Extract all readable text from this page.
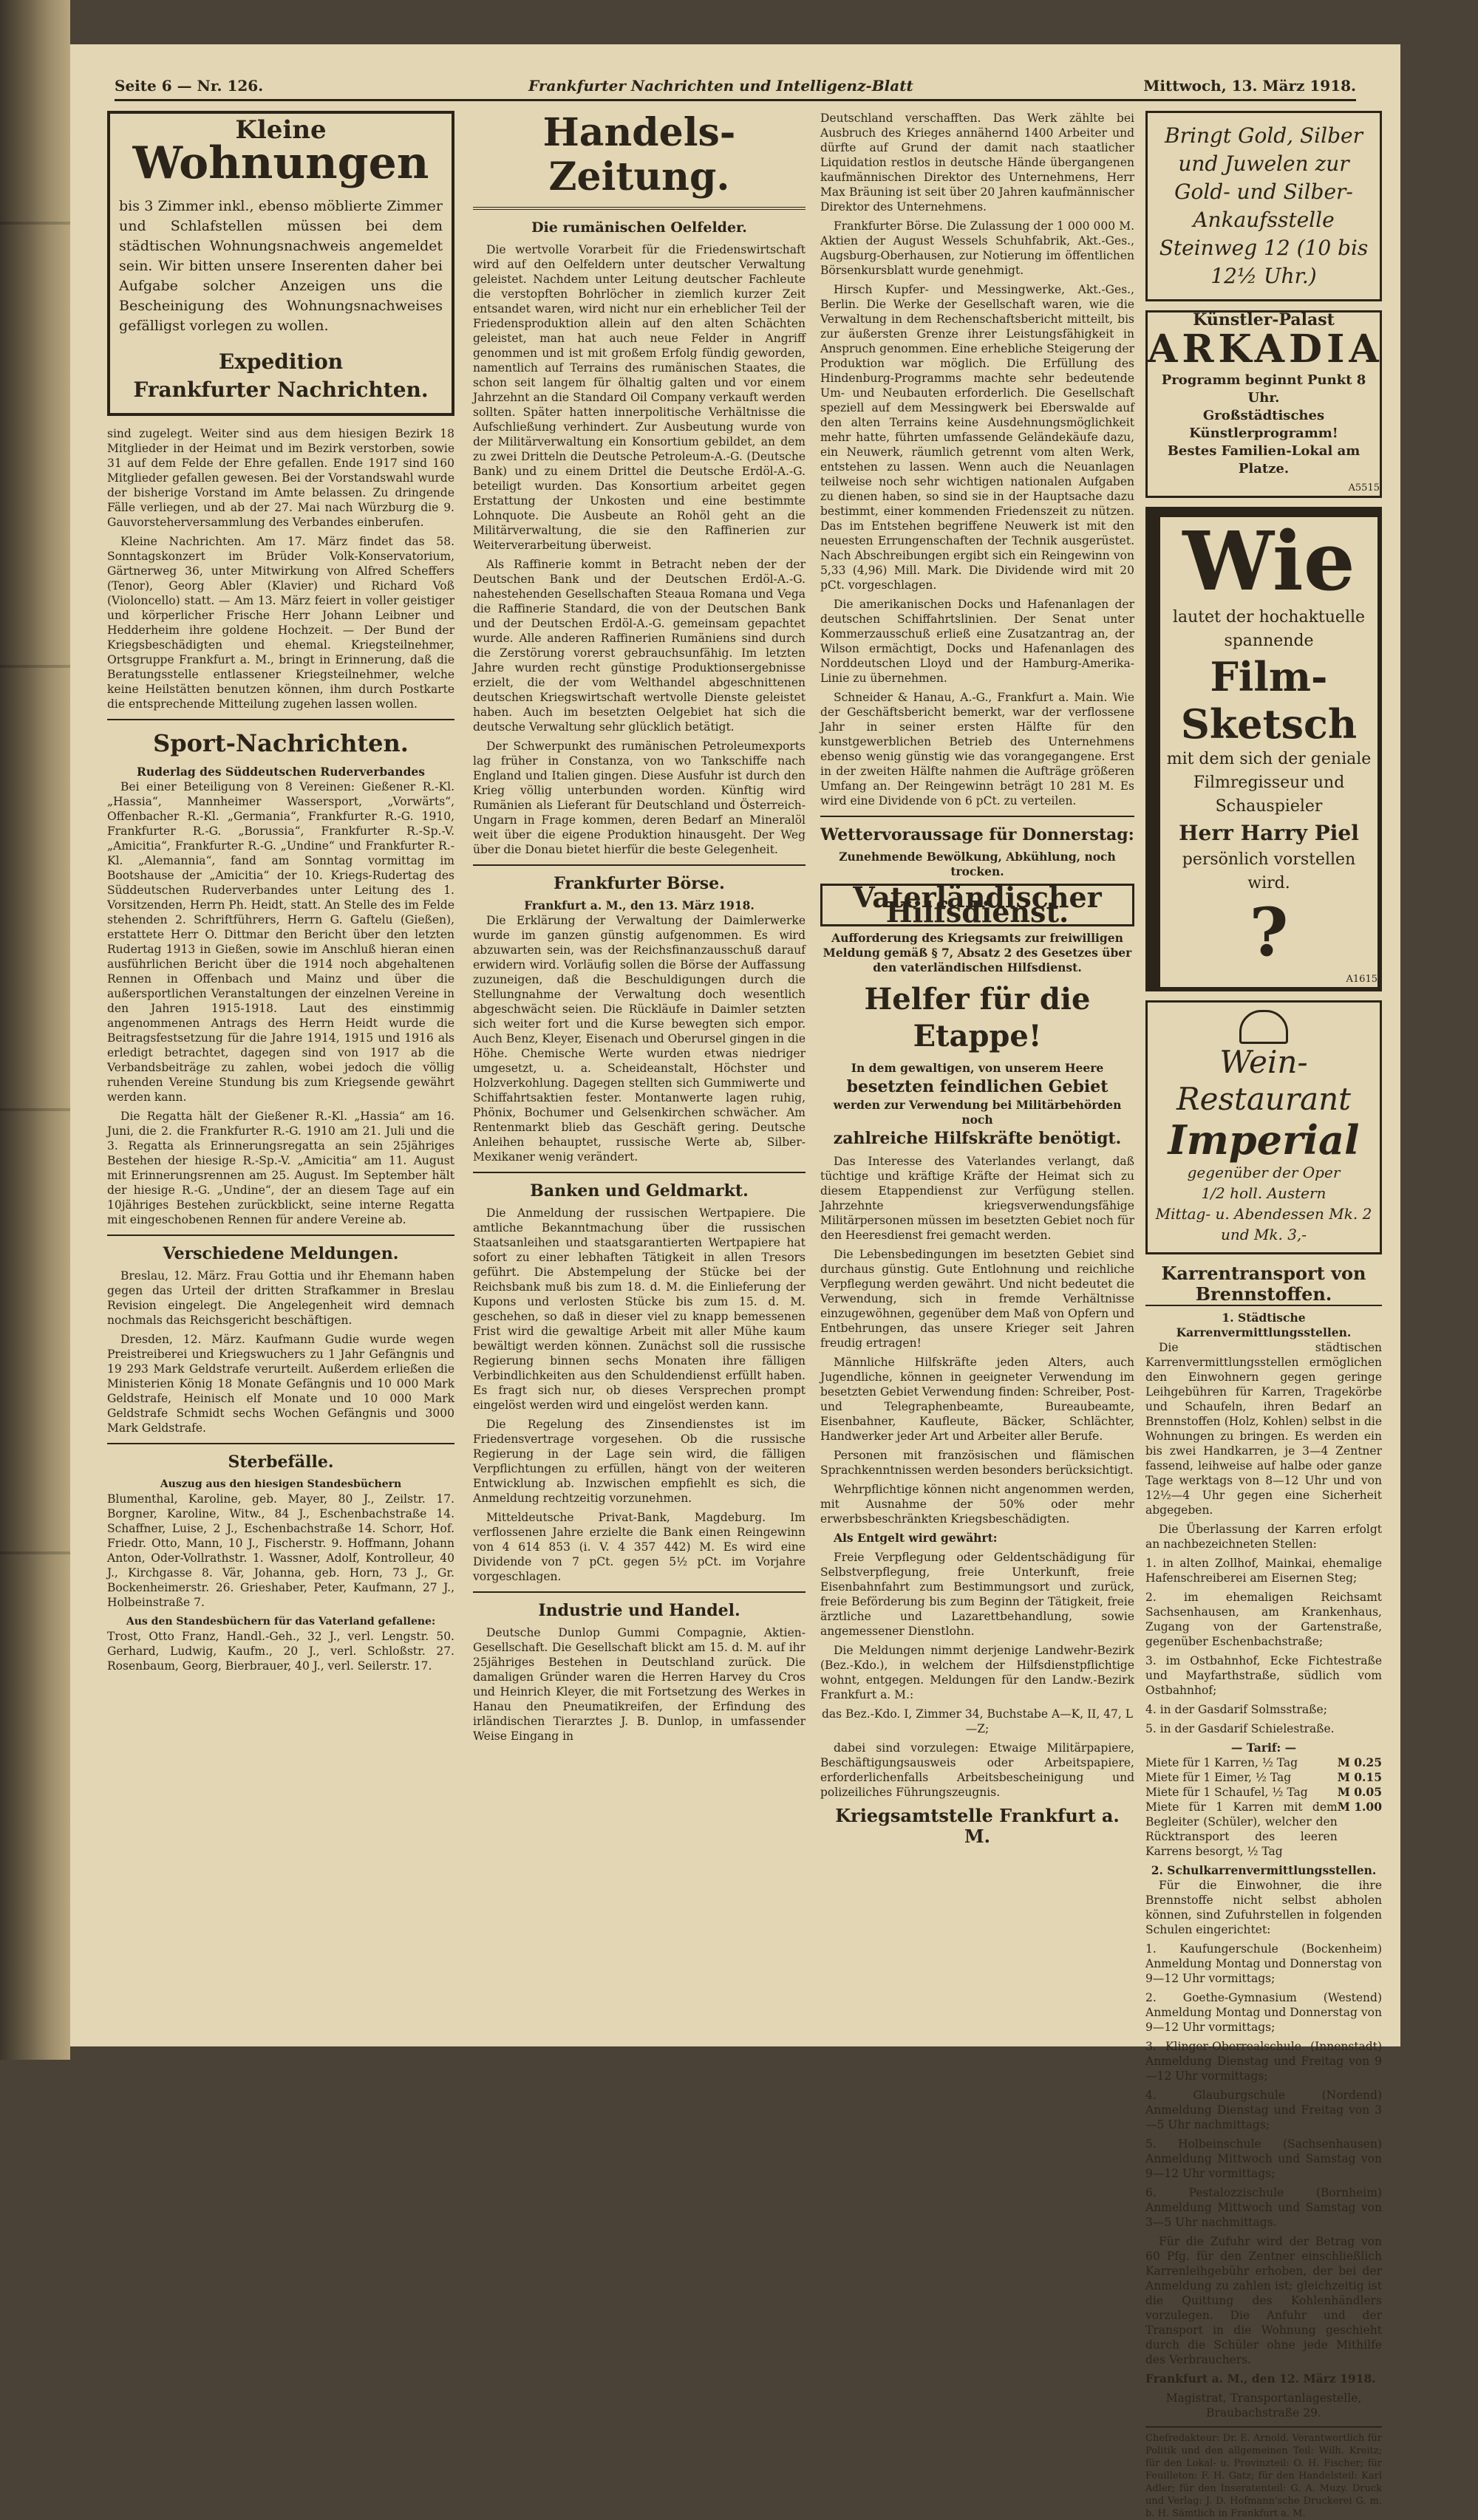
Seite 6 — Nr. 126.	Frankfurter Nachrichten und Intelligenz-Blatt	Mittwoch, 13. März 1918.
Kleine
Wohnungen
bis 3 Zimmer inkl., ebenso möblierte Zimmer und Schlafstellen müssen bei dem städtischen Wohnungsnachweis angemeldet sein. Wir bitten unsere Inserenten daher bei Aufgabe solcher Anzeigen uns die Bescheinigung des Wohnungsnachweises gefälligst vorlegen zu wollen.
Expedition
Frankfurter Nachrichten.

sind zugelegt. Weiter sind aus dem hiesigen Bezirk 18 Mitglieder in der Heimat und im Bezirk verstorben, sowie 31 auf dem Felde der Ehre gefallen. Ende 1917 sind 160 Mitglieder gefallen gewesen. Bei der Vorstandswahl wurde der bisherige Vorstand im Amte belassen. Zu dringende Fälle verliegen, und ab der 27. Mai nach Würzburg die 9. Gauvorsteherversammlung des Verbandes einberufen.

Kleine Nachrichten. Am 17. März findet das 58. Sonntagskonzert im Brüder Volk-Konservatorium, Gärtnerweg 36, unter Mitwirkung von Alfred Scheffers (Tenor), Georg Abler (Klavier) und Richard Voß (Violoncello) statt. — Am 13. März feiert in voller geistiger und körperlicher Frische Herr Johann Leibner und Hedderheim ihre goldene Hochzeit. — Der Bund der Kriegsbeschädigten und ehemal. Kriegsteilnehmer, Ortsgruppe Frankfurt a. M., bringt in Erinnerung, daß die Beratungsstelle entlassener Kriegsteilnehmer, welche keine Heilstätten benutzen können, ihm durch Postkarte die entsprechende Mitteilung zugehen lassen wollen.

Sport-Nachrichten.
Ruderlag des Süddeutschen Ruderverbandes

Bei einer Beteiligung von 8 Vereinen: Gießener R.-Kl. „Hassia“, Mannheimer Wassersport, „Vorwärts“, Offenbacher R.-Kl. „Germania“, Frankfurter R.-G. 1910, Frankfurter R.-G. „Borussia“, Frankfurter R.-Sp.-V. „Amicitia“, Frankfurter R.-G. „Undine“ und Frankfurter R.-Kl. „Alemannia“, fand am Sonntag vormittag im Bootshause der „Amicitia“ der 10. Kriegs-Rudertag des Süddeutschen Ruderverbandes unter Leitung des 1. Vorsitzenden, Herrn Ph. Heidt, statt. An Stelle des im Felde stehenden 2. Schriftführers, Herrn G. Gaftelu (Gießen), erstattete Herr O. Dittmar den Bericht über den letzten Rudertag 1913 in Gießen, sowie im Anschluß hieran einen ausführlichen Bericht über die 1914 noch abgehaltenen Rennen in Offenbach und Mainz und über die außersportlichen Veranstaltungen der einzelnen Vereine in den Jahren 1915-1918. Laut des einstimmig angenommenen Antrags des Herrn Heidt wurde die Beitragsfestsetzung für die Jahre 1914, 1915 und 1916 als erledigt betrachtet, dagegen sind von 1917 ab die Verbandsbeiträge zu zahlen, wobei jedoch die völlig ruhenden Vereine Stundung bis zum Kriegsende gewährt werden kann.

Die Regatta hält der Gießener R.-Kl. „Hassia“ am 16. Juni, die 2. die Frankfurter R.-G. 1910 am 21. Juli und die 3. Regatta als Erinnerungsregatta an sein 25jähriges Bestehen der hiesige R.-Sp.-V. „Amicitia“ am 11. August mit Erinnerungsrennen am 25. August. Im September hält der hiesige R.-G. „Undine“, der an diesem Tage auf ein 10jähriges Bestehen zurückblickt, seine interne Regatta mit eingeschobenen Rennen für andere Vereine ab.

Verschiedene Meldungen.

Breslau, 12. März. Frau Gottia und ihr Ehemann haben gegen das Urteil der dritten Strafkammer in Breslau Revision eingelegt. Die Angelegenheit wird demnach nochmals das Reichsgericht beschäftigen.

Dresden, 12. März. Kaufmann Gudie wurde wegen Preistreiberei und Kriegswuchers zu 1 Jahr Gefängnis und 19 293 Mark Geldstrafe verurteilt. Außerdem erließen die Ministerien König 18 Monate Gefängnis und 10 000 Mark Geldstrafe, Heinisch elf Monate und 10 000 Mark Geldstrafe Schmidt sechs Wochen Gefängnis und 3000 Mark Geldstrafe.

Sterbefälle.
Auszug aus den hiesigen Standesbüchern

Blumenthal, Karoline, geb. Mayer, 80 J., Zeilstr. 17. Borgner, Karoline, Witw., 84 J., Eschenbachstraße 14. Schaffner, Luise, 2 J., Eschenbachstraße 14. Schorr, Hof. Friedr. Otto, Mann, 10 J., Fischerstr. 9. Hoffmann, Johann Anton, Oder-Vollrathstr. 1. Wassner, Adolf, Kontrolleur, 40 J., Kirchgasse 8. Vär, Johanna, geb. Horn, 73 J., Gr. Bockenheimerstr. 26. Grieshaber, Peter, Kaufmann, 27 J., Holbeinstraße 7.

Aus den Standesbüchern für das Vaterland gefallene:

Trost, Otto Franz, Handl.-Geh., 32 J., verl. Lengstr. 50. Gerhard, Ludwig, Kaufm., 20 J., verl. Schloßstr. 27. Rosenbaum, Georg, Bierbrauer, 40 J., verl. Seilerstr. 17.

Handels-Zeitung.
Die rumänischen Oelfelder.

Die wertvolle Vorarbeit für die Friedenswirtschaft wird auf den Oelfeldern unter deutscher Verwaltung geleistet. Nachdem unter Leitung deutscher Fachleute die verstopften Bohrlöcher in ziemlich kurzer Zeit entsandet waren, wird nicht nur ein erheblicher Teil der Friedensproduktion allein auf den alten Schächten geleistet, man hat auch neue Felder in Angriff genommen und ist mit großem Erfolg fündig geworden, namentlich auf Terrains des rumänischen Staates, die schon seit langem für ölhaltig galten und vor einem Jahrzehnt an die Standard Oil Company verkauft werden sollten. Später hatten innerpolitische Verhältnisse die Aufschließung verhindert. Zur Ausbeutung wurde von der Militärverwaltung ein Konsortium gebildet, an dem zu zwei Dritteln die Deutsche Petroleum-A.-G. (Deutsche Bank) und zu einem Drittel die Deutsche Erdöl-A.-G. beteiligt wurden. Das Konsortium arbeitet gegen Erstattung der Unkosten und eine bestimmte Lohnquote. Die Ausbeute an Rohöl geht an die Militärverwaltung, die sie den Raffinerien zur Weiterverarbeitung überweist.

Als Raffinerie kommt in Betracht neben der der Deutschen Bank und der Deutschen Erdöl-A.-G. nahestehenden Gesellschaften Steaua Romana und Vega die Raffinerie Standard, die von der Deutschen Bank und der Deutschen Erdöl-A.-G. gemeinsam gepachtet wurde. Alle anderen Raffinerien Rumäniens sind durch die Zerstörung vorerst gebrauchsunfähig. Im letzten Jahre wurden recht günstige Produktionsergebnisse erzielt, die der vom Welthandel abgeschnittenen deutschen Kriegswirtschaft wertvolle Dienste geleistet haben. Auch im besetzten Oelgebiet hat sich die deutsche Verwaltung sehr glücklich betätigt.

Der Schwerpunkt des rumänischen Petroleumexports lag früher in Constanza, von wo Tankschiffe nach England und Italien gingen. Diese Ausfuhr ist durch den Krieg völlig unterbunden worden. Künftig wird Rumänien als Lieferant für Deutschland und Österreich-Ungarn in Frage kommen, deren Bedarf an Mineralöl weit über die eigene Produktion hinausgeht. Der Weg über die Donau bietet hierfür die beste Gelegenheit.

Frankfurter Börse.
Frankfurt a. M., den 13. März 1918.

Die Erklärung der Verwaltung der Daimlerwerke wurde im ganzen günstig aufgenommen. Es wird abzuwarten sein, was der Reichsfinanzausschuß darauf erwidern wird. Vorläufig sollen die Börse der Auffassung zuzuneigen, daß die Beschuldigungen durch die Stellungnahme der Verwaltung doch wesentlich abgeschwächt seien. Die Rückläufe in Daimler setzten sich weiter fort und die Kurse bewegten sich empor. Auch Benz, Kleyer, Eisenach und Oberursel gingen in die Höhe. Chemische Werte wurden etwas niedriger umgesetzt, u. a. Scheideanstalt, Höchster und Holzverkohlung. Dagegen stellten sich Gummiwerte und Schiffahrtsaktien fester. Montanwerte lagen ruhig, Phönix, Bochumer und Gelsenkirchen schwächer. Am Rentenmarkt blieb das Geschäft gering. Deutsche Anleihen behauptet, russische Werte ab, Silber-Mexikaner wenig verändert.

Banken und Geldmarkt.

Die Anmeldung der russischen Wertpapiere. Die amtliche Bekanntmachung über die russischen Staatsanleihen und staatsgarantierten Wertpapiere hat sofort zu einer lebhaften Tätigkeit in allen Tresors geführt. Die Abstempelung der Stücke bei der Reichsbank muß bis zum 18. d. M. die Einlieferung der Kupons und verlosten Stücke bis zum 15. d. M. geschehen, so daß in dieser viel zu knapp bemessenen Frist wird die gewaltige Arbeit mit aller Mühe kaum bewältigt werden können. Zunächst soll die russische Regierung binnen sechs Monaten ihre fälligen Verbindlichkeiten aus den Schuldendienst erfüllt haben. Es fragt sich nur, ob dieses Versprechen prompt eingelöst werden wird und eingelöst werden kann.

Die Regelung des Zinsendienstes ist im Friedensvertrage vorgesehen. Ob die russische Regierung in der Lage sein wird, die fälligen Verpflichtungen zu erfüllen, hängt von der weiteren Entwicklung ab. Inzwischen empfiehlt es sich, die Anmeldung rechtzeitig vorzunehmen.

Mitteldeutsche Privat-Bank, Magdeburg. Im verflossenen Jahre erzielte die Bank einen Reingewinn von 4 614 853 (i. V. 4 357 442) M. Es wird eine Dividende von 7 pCt. gegen 5½ pCt. im Vorjahre vorgeschlagen.

Industrie und Handel.

Deutsche Dunlop Gummi Compagnie, Aktien-Gesellschaft. Die Gesellschaft blickt am 15. d. M. auf ihr 25jähriges Bestehen in Deutschland zurück. Die damaligen Gründer waren die Herren Harvey du Cros und Heinrich Kleyer, die mit Fortsetzung des Werkes in Hanau den Pneumatikreifen, der Erfindung des irländischen Tierarztes J. B. Dunlop, in umfassender Weise Eingang in

Deutschland verschafften. Das Werk zählte bei Ausbruch des Krieges annähernd 1400 Arbeiter und dürfte auf Grund der damit nach staatlicher Liquidation restlos in deutsche Hände übergangenen kaufmännischen Direktor des Unternehmens, Herr Max Bräuning ist seit über 20 Jahren kaufmännischer Direktor des Unternehmens.

Frankfurter Börse. Die Zulassung der 1 000 000 M. Aktien der August Wessels Schuhfabrik, Akt.-Ges., Augsburg-Oberhausen, zur Notierung im öffentlichen Börsenkursblatt wurde genehmigt.

Hirsch Kupfer- und Messingwerke, Akt.-Ges., Berlin. Die Werke der Gesellschaft waren, wie die Verwaltung in dem Rechenschaftsbericht mitteilt, bis zur äußersten Grenze ihrer Leistungsfähigkeit in Anspruch genommen. Eine erhebliche Steigerung der Produktion war möglich. Die Erfüllung des Hindenburg-Programms machte sehr bedeutende Um- und Neubauten erforderlich. Die Gesellschaft speziell auf dem Messingwerk bei Eberswalde auf den alten Terrains keine Ausdehnungsmöglichkeit mehr hatte, führten umfassende Geländekäufe dazu, ein Neuwerk, räumlich getrennt vom alten Werk, entstehen zu lassen. Wenn auch die Neuanlagen teilweise noch sehr wichtigen nationalen Aufgaben zu dienen haben, so sind sie in der Hauptsache dazu bestimmt, einer kommenden Friedenszeit zu nützen. Das im Entstehen begriffene Neuwerk ist mit den neuesten Errungenschaften der Technik ausgerüstet. Nach Abschreibungen ergibt sich ein Reingewinn von 5,33 (4,96) Mill. Mark. Die Dividende wird mit 20 pCt. vorgeschlagen.

Die amerikanischen Docks und Hafenanlagen der deutschen Schiffahrtslinien. Der Senat unter Kommerzausschuß erließ eine Zusatzantrag an, der Wilson ermächtigt, Docks und Hafenanlagen des Norddeutschen Lloyd und der Hamburg-Amerika-Linie zu übernehmen.

Schneider & Hanau, A.-G., Frankfurt a. Main. Wie der Geschäftsbericht bemerkt, war der verflossene Jahr in seiner ersten Hälfte für den kunstgewerblichen Betrieb des Unternehmens ebenso wenig günstig wie das vorangegangene. Erst in der zweiten Hälfte nahmen die Aufträge größeren Umfang an. Der Reingewinn beträgt 10 281 M. Es wird eine Dividende von 6 pCt. zu verteilen.

Wettervoraussage für Donnerstag:
Zunehmende Bewölkung, Abkühlung, noch trocken.
Vaterländischer Hilfsdienst.

Aufforderung des Kriegsamts zur freiwilligen Meldung gemäß § 7, Absatz 2 des Gesetzes über den vaterländischen Hilfsdienst.

Helfer für die Etappe!
In dem gewaltigen, von unserem Heere
besetzten feindlichen Gebiet
werden zur Verwendung bei Militärbehörden noch
zahlreiche Hilfskräfte benötigt.

Das Interesse des Vaterlandes verlangt, daß tüchtige und kräftige Kräfte der Heimat sich zu diesem Etappendienst zur Verfügung stellen. Jahrzehnte kriegsverwendungsfähige Militärpersonen müssen im besetzten Gebiet noch für den Heeresdienst frei gemacht werden.

Die Lebensbedingungen im besetzten Gebiet sind durchaus günstig. Gute Entlohnung und reichliche Verpflegung werden gewährt. Und nicht bedeutet die Verwendung, sich in fremde Verhältnisse einzugewöhnen, gegenüber dem Maß von Opfern und Entbehrungen, das unsere Krieger seit Jahren freudig ertragen!

Männliche Hilfskräfte jeden Alters, auch Jugendliche, können in geeigneter Verwendung im besetzten Gebiet Verwendung finden: Schreiber, Post- und Telegraphenbeamte, Bureaubeamte, Eisenbahner, Kaufleute, Bäcker, Schlächter, Handwerker jeder Art und Arbeiter aller Berufe.

Personen mit französischen und flämischen Sprachkenntnissen werden besonders berücksichtigt.

Wehrpflichtige können nicht angenommen werden, mit Ausnahme der 50% oder mehr erwerbsbeschränkten Kriegsbeschädigten.

Als Entgelt wird gewährt:

Freie Verpflegung oder Geldentschädigung für Selbstverpflegung, freie Unterkunft, freie Eisenbahnfahrt zum Bestimmungsort und zurück, freie Beförderung bis zum Beginn der Tätigkeit, freie ärztliche und Lazarettbehandlung, sowie angemessener Dienstlohn.

Die Meldungen nimmt derjenige Landwehr-Bezirk (Bez.-Kdo.), in welchem der Hilfsdienstpflichtige wohnt, entgegen. Meldungen für den Landw.-Bezirk Frankfurt a. M.:

das Bez.-Kdo. I, Zimmer 34, Buchstabe A—K, II, 47, L—Z;

dabei sind vorzulegen: Etwaige Militärpapiere, Beschäftigungsausweis oder Arbeitspapiere, erforderlichenfalls Arbeitsbescheinigung und polizeiliches Führungszeugnis.

Kriegsamtstelle Frankfurt a. M.
Bringt Gold, Silber und Juwelen zur Gold- und Silber-Ankaufsstelle Steinweg 12 (10 bis 12½ Uhr.)
Künstler-Palast
ARKADIA
Programm beginnt Punkt 8 Uhr.
Großstädtisches Künstlerprogramm!
Bestes Familien-Lokal am Platze.
A5515
Wie
lautet der hochaktuelle spannende
Film-Sketsch
mit dem sich der geniale Filmregisseur und Schauspieler
Herr Harry Piel
persönlich vorstellen wird.
?
A1615
Wein-Restaurant
Imperial
gegenüber der Oper
1/2 holl. Austern
Mittag- u. Abendessen Mk. 2 und Mk. 3,-
Karrentransport von Brennstoffen.
1. Städtische Karrenvermittlungsstellen.

Die städtischen Karrenvermittlungsstellen ermöglichen den Einwohnern gegen geringe Leihgebühren für Karren, Tragekörbe und Schaufeln, ihren Bedarf an Brennstoffen (Holz, Kohlen) selbst in die Wohnungen zu bringen. Es werden ein bis zwei Handkarren, je 3—4 Zentner fassend, leihweise auf halbe oder ganze Tage werktags von 8—12 Uhr und von 12½—4 Uhr gegen eine Sicherheit abgegeben.

Die Überlassung der Karren erfolgt an nachbezeichneten Stellen:

1. in alten Zollhof, Mainkai, ehemalige Hafenschreiberei am Eisernen Steg;

2. im ehemaligen Reichsamt Sachsenhausen, am Krankenhaus, Zugang von der Gartenstraße, gegenüber Eschenbachstraße;

3. im Ostbahnhof, Ecke Fichtestraße und Mayfarthstraße, südlich vom Ostbahnhof;

4. in der Gasdarif Solmsstraße;

5. in der Gasdarif Schielestraße.

— Tarif: —
Miete für 1 Karren, ½ Tag	M 0.25
Miete für 1 Eimer, ½ Tag	M 0.15
Miete für 1 Schaufel, ½ Tag	M 0.05
Miete für 1 Karren mit dem Begleiter (Schüler), welcher den Rücktransport des leeren Karrens besorgt, ½ Tag
M 1.00
2. Schulkarrenvermittlungsstellen.

Für die Einwohner, die ihre Brennstoffe nicht selbst abholen können, sind Zufuhrstellen in folgenden Schulen eingerichtet:

1. Kaufungerschule (Bockenheim) Anmeldung Montag und Donnerstag von 9—12 Uhr vormittags;

2. Goethe-Gymnasium (Westend) Anmeldung Montag und Donnerstag von 9—12 Uhr vormittags;

3. Klinger-Oberrealschule (Innenstadt) Anmeldung Dienstag und Freitag von 9—12 Uhr vormittags;

4. Glauburgschule (Nordend) Anmeldung Dienstag und Freitag von 3—5 Uhr nachmittags;

5. Holbeinschule (Sachsenhausen) Anmeldung Mittwoch und Samstag von 9—12 Uhr vormittags;

6. Pestalozzischule (Bornheim) Anmeldung Mittwoch und Samstag von 3—5 Uhr nachmittags.

Für die Zufuhr wird der Betrag von 60 Pfg. für den Zentner einschließlich Karrenleihgebühr erhoben, der bei der Anmeldung zu zahlen ist; gleichzeitig ist die Quittung des Kohlenhändlers vorzulegen. Die Anfuhr und der Transport in die Wohnung geschieht durch die Schüler ohne jede Mithilfe des Verbrauchers.

Frankfurt a. M., den 12. März 1918.

Magistrat, Transportanlagestelle, Braubachstraße 29.

Chefredakteur: Dr. E. Arnold. Verantwortlich für Politik und den allgemeinen Teil: Wilh. Kreitz; für den Lokal- u. Provinzteil: O. H. Fischer; für Feuilleton: F. H. Gatz; für den Handelsteil: Karl Adler; für den Inseratenteil: G. A. Muzy. Druck und Verlag: J. D. Hofmann'sche Druckerei G. m. b. H. Sämtlich in Frankfurt a. M.
